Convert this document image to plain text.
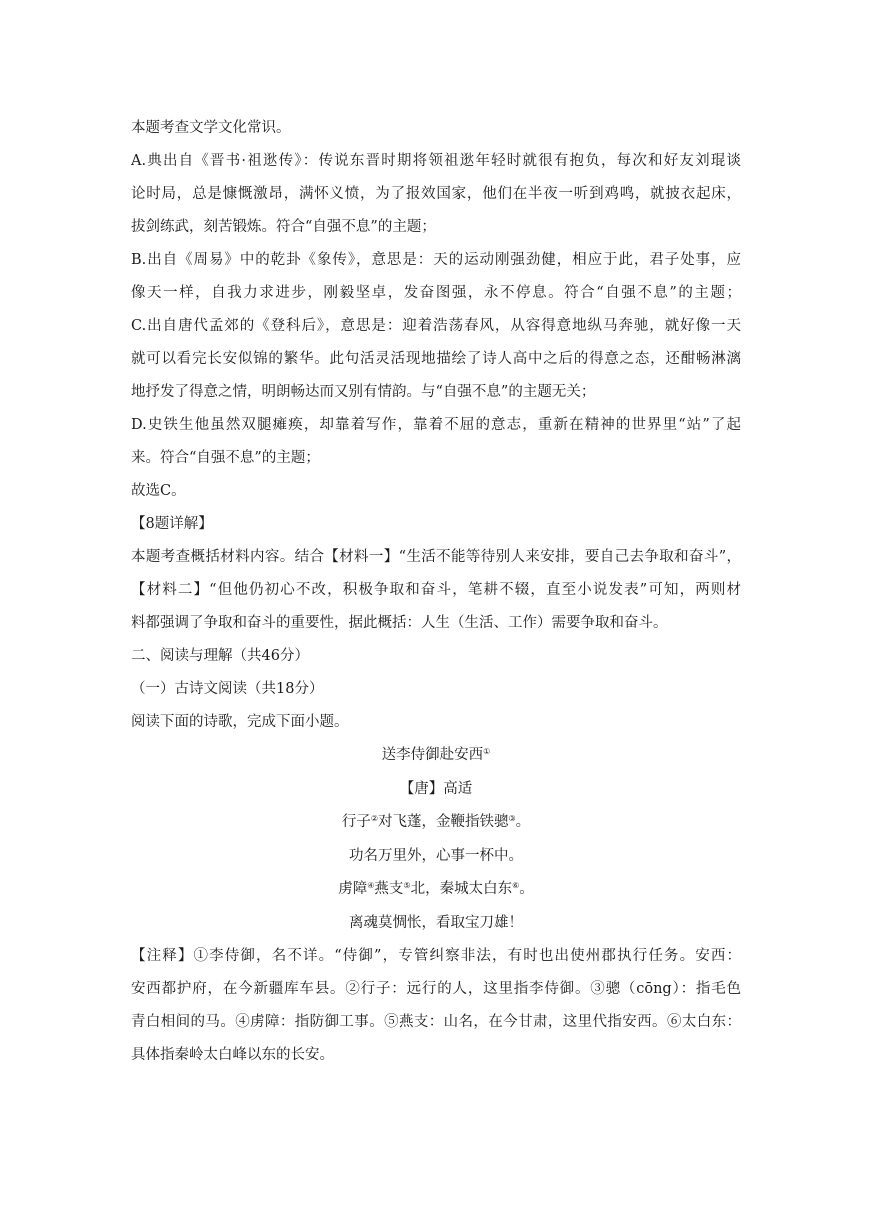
本题考查文学文化常识。
A.典出自《晋书·祖逖传》：传说东晋时期将领祖逖年轻时就很有抱负，每次和好友刘琨谈
论时局，总是慷慨激昂，满怀义愤，为了报效国家，他们在半夜一听到鸡鸣，就披衣起床，
拔剑练武，刻苦锻炼。符合“自强不息”的主题；
B.出自《周易》中的乾卦《象传》，意思是：天的运动刚强劲健，相应于此，君子处事，应
像天一样，自我力求进步，刚毅坚卓，发奋图强，永不停息。符合“自强不息”的主题；
C.出自唐代孟郊的《登科后》，意思是：迎着浩荡春风，从容得意地纵马奔驰，就好像一天
就可以看完长安似锦的繁华。此句活灵活现地描绘了诗人高中之后的得意之态，还酣畅淋漓
地抒发了得意之情，明朗畅达而又别有情韵。与“自强不息”的主题无关；
D.史铁生他虽然双腿瘫痪，却靠着写作，靠着不屈的意志，重新在精神的世界里“站”了起
来。符合“自强不息”的主题；
故选C。
【8题详解】
本题考查概括材料内容。结合【材料一】“生活不能等待别人来安排，要自己去争取和奋斗”，
【材料二】“但他仍初心不改，积极争取和奋斗，笔耕不辍，直至小说发表”可知，两则材
料都强调了争取和奋斗的重要性，据此概括：人生（生活、工作）需要争取和奋斗。
二、阅读与理解（共46分）
（一）古诗文阅读（共18分）
阅读下面的诗歌，完成下面小题。
送李侍御赴安西①
【唐】高适
行子②对飞蓬，金鞭指铁骢③。
功名万里外，心事一杯中。
虏障④燕支⑤北，秦城太白东⑥。
离魂莫惆怅，看取宝刀雄！
【注释】①李侍御，名不详。“侍御”，专管纠察非法，有时也出使州郡执行任务。安西：
安西都护府，在今新疆库车县。②行子：远行的人，这里指李侍御。③骢（cōng）：指毛色
青白相间的马。④虏障：指防御工事。⑤燕支：山名，在今甘肃，这里代指安西。⑥太白东：
具体指秦岭太白峰以东的长安。
